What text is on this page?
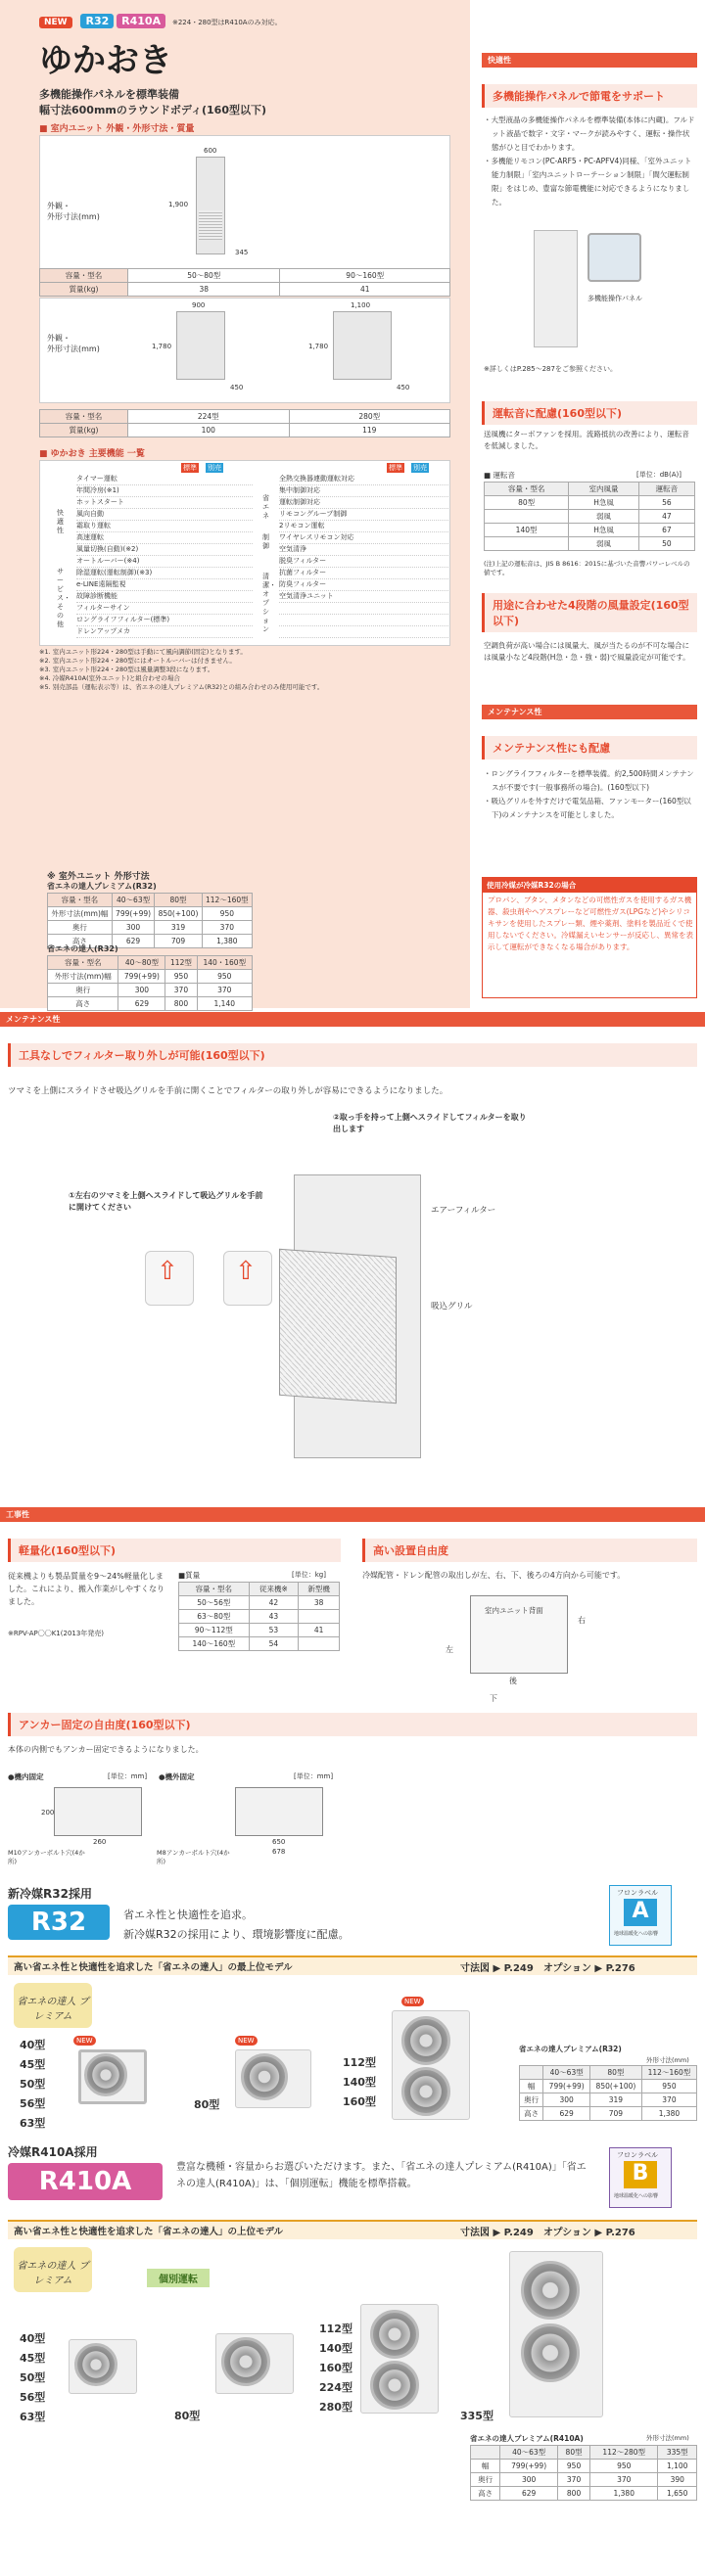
NEW R32 R410A ※224・280型はR410Aのみ対応。
ゆかおき
多機能操作パネルを標準装備
幅寸法600mmのラウンドボディ(160型以下)
■ 室内ユニット 外観・外形寸法・質量
外観・
外形寸法(mm)
600
1,900
345
容量・型名	50〜80型	90〜160型
質量(kg)	38	41
外観・
外形寸法(mm)
900
1,780
450
1,100
1,780
450
容量・型名	224型	280型
質量(kg)	100	119
■ ゆかおき 主要機能 一覧
標準 別売	標準 別売
快適性
サービス・その他
省エネ
制御
清潔・オプション
タイマー運転
年間冷房(※1)
ホットスタート
風向自動
霜取り運転
高速運転
風量切換(自動)(※2)
オートルーバー(※4)
除湿運転(運転制御)(※3)
e-LINE遠隔監視
故障診断機能
フィルターサイン
ロングライフフィルター(標準)
ドレンアップメカ
全熱交換器連動運転対応
集中制御対応
運転制御対応
リモコングループ制御
2リモコン運転
ワイヤレスリモコン対応
空気清浄
脱臭フィルター
抗菌フィルター
防臭フィルター
空気清浄ユニット
※1. 室内ユニット形224・280型は手動にて風向調節(固定)となります。
※2. 室内ユニット形224・280型にはオートルーバーは付きません。
※3. 室内ユニット形224・280型は風量調整3段になります。
※4. 冷媒R410A(室外ユニット)と組合わせの場合
※5. 別売部品（運転表示等）は、省エネの達人プレミアム(R32)との組み合わせのみ使用可能です。
※ 室外ユニット 外形寸法
省エネの達人プレミアム(R32)
容量・型名	40〜63型	80型	112〜160型
外形寸法(mm)幅	799(+99)	850(+100)	950
奥行	300	319	370
高さ	629	709	1,380
省エネの達人(R32)
容量・型名	40〜80型	112型	140・160型
外形寸法(mm)幅	799(+99)	950	950
奥行	300	370	370
高さ	629	800	1,140
快適性
多機能操作パネルで節電をサポート
・ 大型液晶の多機能操作パネルを標準装備(本体に内蔵)。フルドット液晶で数字・文字・マークが読みやすく、運転・操作状態がひと目でわかります。
・ 多機能リモコン(PC-ARF5・PC-APFV4)同様、「室外ユニット能力制限」「室内ユニットローテーション制限」「間欠運転制限」をはじめ、豊富な節電機能に対応できるようになりました。
多機能操作パネル
※詳しくはP.285〜287をご参照ください。
運転音に配慮(160型以下)
送風機にターボファンを採用。流路抵抗の改善により、運転音を低減しました。
■ 運転音	[単位：dB(A)]
容量・型名	室内風量	運転音
80型	H急風	56
	弱風	47
140型	H急風	67
	弱風	50
(注)上記の運転音は、JIS B 8616：2015に基づいた音響パワーレベルの値です。
用途に合わせた4段階の風量設定(160型以下)
空調負荷が高い場合には風量大、風が当たるのが不可な場合には風量小など4段階(H急・急・強・弱)で風量設定が可能です。
メンテナンス性
メンテナンス性にも配慮
・ ロングライフフィルターを標準装備。約2,500時間メンテナンスが不要です(一般事務所の場合)。(160型以下)
・ 吸込グリルを外すだけで電気品箱、ファンモーター(160型以下)のメンテナンスを可能としました。
使用冷媒が冷媒R32の場合
プロパン、ブタン、メタンなどの可燃性ガスを使用するガス機器、殺虫剤やヘアスプレーなど可燃性ガス(LPGなど)やシリコキサンを使用したスプレー類、煙や薬剤、塗料を製品近くで使用しないでください。冷媒漏えいセンサーが反応し、異常を表示して運転ができなくなる場合があります。
メンテナンス性
工具なしでフィルター取り外しが可能(160型以下)
ツマミを上側にスライドさせ吸込グリルを手前に開くことでフィルターの取り外しが容易にできるようになりました。
①左右のツマミを上側へスライドして吸込グリルを手前に開けてください
②取っ手を持って上側へスライドしてフィルターを取り出します
エアーフィルター
吸込グリル
⇧
⇧
工事性
軽量化(160型以下)
従来機よりも製品質量を9〜24%軽量化しました。これにより、搬入作業がしやすくなりました。
※RPV-AP〇〇K1(2013年発売)
■質量	[単位：kg]
容量・型名	従来機※	新型機
50〜56型	42	38
63〜80型	43	
90〜112型	53	41
140〜160型	54	
高い設置自由度
冷媒配管・ドレン配管の取出しが左、右、下、後ろの4方向から可能です。
室内ユニット背面
左
右
下
後
アンカー固定の自由度(160型以下)
本体の内側でもアンカー固定できるようになりました。
●機内固定	●機外固定
[単位：mm]	[単位：mm]
260
200
650
678
M10アンカーボルト穴(4か所)
M8アンカーボルト穴(4か所)
新冷媒R32採用
R32	省エネ性と快適性を追求。
新冷媒R32の採用により、環境影響度に配慮。
フロンラベル
A
地球温暖化への影響
高い省エネ性と快適性を追求した「省エネの達人」の最上位モデル	寸法図 ▶ P.249　オプション ▶ P.276
省エネの達人 プレミアム
40型
45型
50型
56型
63型
NEW	NEW
80型
NEW
112型
140型
160型
省エネの達人プレミアム(R32)
外形寸法(mm)
	40〜63型	80型	112〜160型
幅	799(+99)	850(+100)	950
奥行	300	319	370
高さ	629	709	1,380
冷媒R410A採用
R410A	豊富な機種・容量からお選びいただけます。また、「省エネの達人プレミアム(R410A)」「省エネの達人(R410A)」は、「個別運転」機能を標準搭載。
フロンラベル
B
地球温暖化への影響
高い省エネ性と快適性を追求した「省エネの達人」の上位モデル	寸法図 ▶ P.249　オプション ▶ P.276
省エネの達人 プレミアム	個別運転
40型
45型
50型
56型
63型	80型
112型
140型
160型
224型
280型
335型
省エネの達人プレミアム(R410A)	外形寸法(mm)
	40〜63型	80型	112〜280型	335型
幅	799(+99)	950	950	1,100
奥行	300	370	370	390
高さ	629	800	1,380	1,650
